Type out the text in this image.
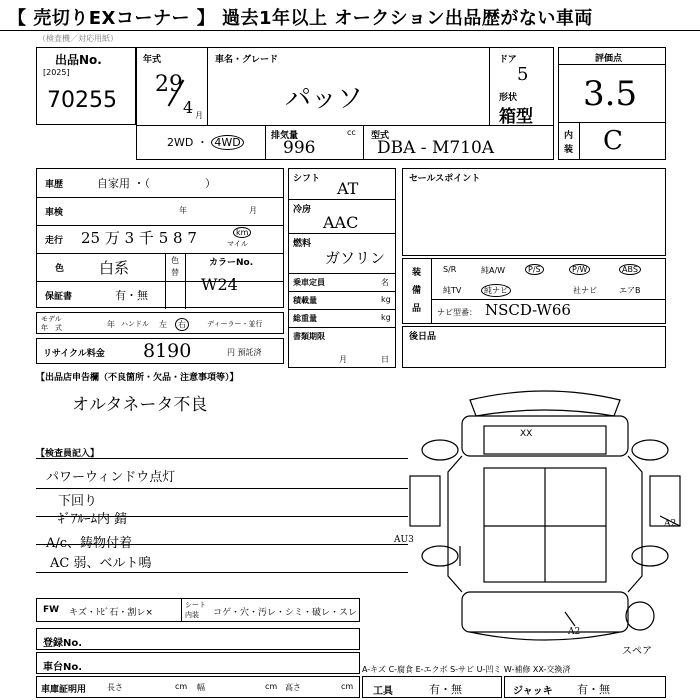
【 売切りEXコーナー 】 過去1年以上 オークション出品歴がない車両
（検査機／対応用紙）
出品No.
[2025]
70255
年式
29
4 月
車名・グレード
パッソ
ドア
5
形状
箱型
2WD ・ 4WD	排気量	cc
996
型式
DBA - M710A
評価点
3.5
内
装 C
車歴	自家用 ・（　　　　　）
車検	年	月
走行 25 万 3 千 5 8 7	km
マイル
色 白系	色
替
カラーNo.
W24
保証書	有・無
モデル
年　式	年 ハンドル 左	右	ディーラー・並行
リサイクル料金 8190	円 預託済
シフト AT
冷房
AAC
燃料
ガソリン
乗車定員	名
積載量	kg
総重量	kg
書類期限
月	日
セールスポイント
装
備
品
S/R	純A/W	P/S	P/W	ABS
純TV	純ナビ	社ナビ	エアB
ナビ型番： NSCD-W66
後日品
【出品店申告欄（不良箇所・欠品・注意事項等）】
オルタネータ不良
【検査員記入】
パワーウィンドウ点灯
下回り
ｷﾞｱﾙｰﾑ内 錆
A/c、鋳物付着
AC 弱、ベルト鳴
XX
AU3
A2
A2
スペア
FW キズ・ﾄﾋﾞ石・割レ×
シート
内装 コゲ・穴・汚レ・シミ・破レ・スレ
登録No.
車台No.
車庫証明用	長さ	cm 幅	cm 高さ	cm
A-キズ C-腐食 E-エクボ S-サビ U-凹ミ W-補修 XX-交換済
工具	有・無	ジャッキ 有・無
